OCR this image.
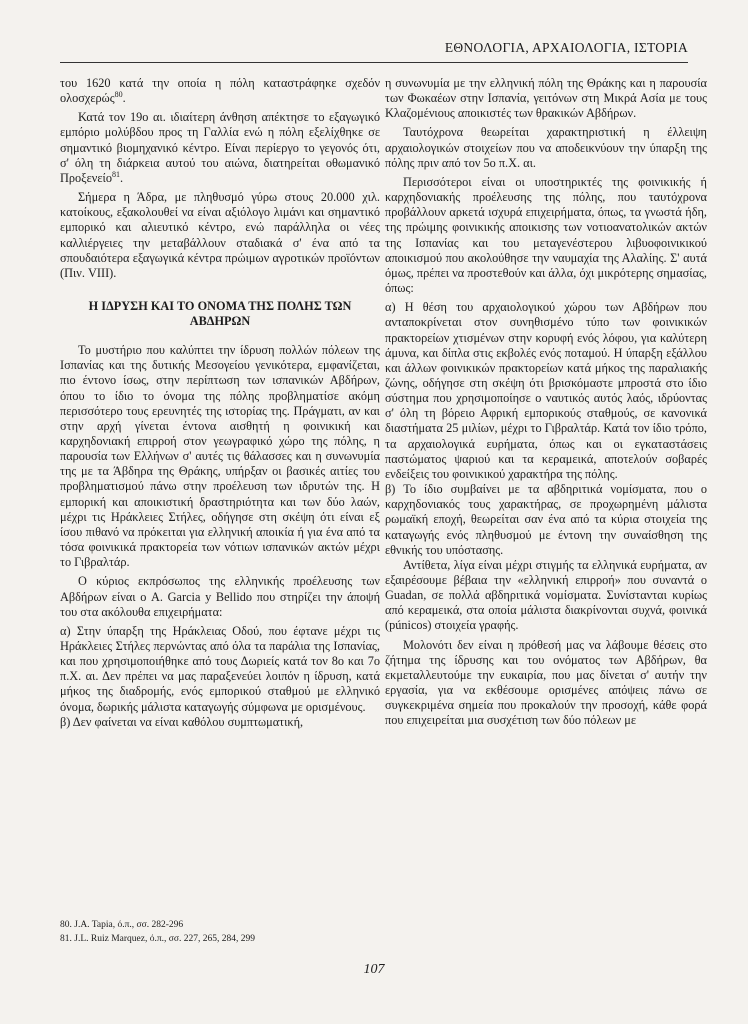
ΕΘΝΟΛΟΓΙΑ, ΑΡΧΑΙΟΛΟΓΙΑ, ΙΣΤΟΡΙΑ

του 1620 κατά την οποία η πόλη καταστράφηκε σχεδόν ολοσχερώς$^{80}$.

Κατά τον 19ο αι. ιδιαίτερη άνθηση απέκτησε το εξαγωγικό εμπόριο μολύβδου προς τη Γαλλία ενώ η πόλη εξελίχθηκε σε σημαντικό βιομηχανικό κέντρο. Είναι περίεργο το γεγονός ότι, σ' όλη τη διάρκεια αυτού του αιώνα, διατηρείται οθωμανικό Προξενείο$^{81}$.

Σήμερα η Άδρα, με πληθυσμό γύρω στους 20.000 χιλ. κατοίκους, εξακολουθεί να είναι αξιόλογο λιμάνι και σημαντικό εμπορικό και αλιευτικό κέντρο, ενώ παράλληλα οι νέες καλλιέργειες την μεταβάλλουν σταδιακά σ' ένα από τα σπουδαιότερα εξαγωγικά κέντρα πρώιμων αγροτικών προϊόντων (Πιν. VIII).

Η ΙΔΡΥΣΗ ΚΑΙ ΤΟ ΟΝΟΜΑ ΤΗΣ ΠΟΛΗΣ ΤΩΝ ΑΒΔΗΡΩΝ

Το μυστήριο που καλύπτει την ίδρυση πολλών πόλεων της Ισπανίας και της δυτικής Μεσογείου γενικότερα, εμφανίζεται, πιο έντονο ίσως, στην περίπτωση των ισπανικών Αβδήρων, όπου το ίδιο το όνομα της πόλης προβληματίσε ακόμη περισσότερο τους ερευνητές της ιστορίας της. Πράγματι, αν και στην αρχή γίνεται έντονα αισθητή η φοινικική και καρχηδονιακή επιρροή στον γεωγραφικό χώρο της πόλης, η παρουσία των Ελλήνων σ' αυτές τις θάλασσες και η συνωνυμία της με τα Άβδηρα της Θράκης, υπήρξαν οι βασικές αιτίες του προβληματισμού πάνω στην προέλευση των ιδρυτών της. Η εμπορική και αποικιστική δραστηριότητα και των δύο λαών, μέχρι τις Ηράκλειες Στήλες, οδήγησε στη σκέψη ότι είναι εξ ίσου πιθανό να πρόκειται για ελληνική αποικία ή για ένα από τα τόσα φοινικικά πρακτορεία των νότιων ισπανικών ακτών μέχρι το Γιβραλτάρ.

Ο κύριος εκπρόσωπος της ελληνικής προέλευσης των Αβδήρων είναι ο A. Garcia y Bellido που στηρίζει την άποψή του στα ακόλουθα επιχειρήματα:

α) Στην ύπαρξη της Ηράκλειας Οδού, που έφτανε μέχρι τις Ηράκλειες Στήλες περνώντας από όλα τα παράλια της Ισπανίας, και που χρησιμοποιήθηκε από τους Δωριείς κατά τον 8ο και 7ο π.Χ. αι. Δεν πρέπει να μας παραξενεύει λοιπόν η ίδρυση, κατά μήκος της διαδρομής, ενός εμπορικού σταθμού με ελληνικό όνομα, δωρικής μάλιστα καταγωγής σύμφωνα με ορισμένους.

β) Δεν φαίνεται να είναι καθόλου συμπτωματική,

η συνωνυμία με την ελληνική πόλη της Θράκης και η παρουσία των Φωκαέων στην Ισπανία, γειτόνων στη Μικρά Ασία με τους Κλαζομένιους αποικιστές των θρακικών Αβδήρων.

Ταυτόχρονα θεωρείται χαρακτηριστική η έλλειψη αρχαιολογικών στοιχείων που να αποδεικνύουν την ύπαρξη της πόλης πριν από τον 5ο π.Χ. αι.

Περισσότεροι είναι οι υποστηρικτές της φοινικικής ή καρχηδονιακής προέλευσης της πόλης, που ταυτόχρονα προβάλλουν αρκετά ισχυρά επιχειρήματα, όπως, τα γνωστά ήδη, της πρώιμης φοινικικής αποικισης των νοτιοανατολικών ακτών της Ισπανίας και του μεταγενέστερου λιβυοφοινικικού αποικισμού που ακολούθησε την ναυμαχία της Αλαλίης. Σ' αυτά όμως, πρέπει να προστεθούν και άλλα, όχι μικρότερης σημασίας, όπως:

α) Η θέση του αρχαιολογικού χώρου των Αβδήρων που ανταποκρίνεται στον συνηθισμένο τύπο των φοινικικών πρακτορείων χτισμένων στην κορυφή ενός λόφου, για καλύτερη άμυνα, και δίπλα στις εκβολές ενός ποταμού. Η ύπαρξη εξάλλου και άλλων φοινικικών πρακτορείων κατά μήκος της παραλιακής ζώνης, οδήγησε στη σκέψη ότι βρισκόμαστε μπροστά στο ίδιο σύστημα που χρησιμοποίησε ο ναυτικός αυτός λαός, ιδρύοντας σ' όλη τη βόρειο Αφρική εμπορικούς σταθμούς, σε κανονικά διαστήματα 25 μιλίων, μέχρι το Γιβραλτάρ. Κατά τον ίδιο τρόπο, τα αρχαιολογικά ευρήματα, όπως και οι εγκαταστάσεις παστώματος ψαριού και τα κεραμεικά, αποτελούν σοβαρές ενδείξεις του φοινικικού χαρακτήρα της πόλης.

β) Το ίδιο συμβαίνει με τα αβδηριτικά νομίσματα, που ο καρχηδονιακός τους χαρακτήρας, σε προχωρημένη μάλιστα ρωμαϊκή εποχή, θεωρείται σαν ένα από τα κύρια στοιχεία της καταγωγής ενός πληθυσμού με έντονη την συναίσθηση της εθνικής του υπόστασης.

Αντίθετα, λίγα είναι μέχρι στιγμής τα ελληνικά ευρήματα, αν εξαιρέσουμε βέβαια την «ελληνική επιρροή» που συναντά ο Guadan, σε πολλά αβδηριτικά νομίσματα. Συνίστανται κυρίως από κεραμεικά, στα οποία μάλιστα διακρίνονται συχνά, φοινικά (púnicos) στοιχεία γραφής.

Μολονότι δεν είναι η πρόθεσή μας να λάβουμε θέσεις στο ζήτημα της ίδρυσης και του ονόματος των Αβδήρων, θα εκμεταλλευτούμε την ευκαιρία, που μας δίνεται σ' αυτήν την εργασία, για να εκθέσουμε ορισμένες απόψεις πάνω σε συγκεκριμένα σημεία που προκαλούν την προσοχή, κάθε φορά που επιχειρείται μια συσχέτιση των δύο πόλεων με

80. J.A. Tapia, ό.π., σσ. 282-296

81. J.L. Ruiz Marquez, ό.π., σσ. 227, 265, 284, 299

107
